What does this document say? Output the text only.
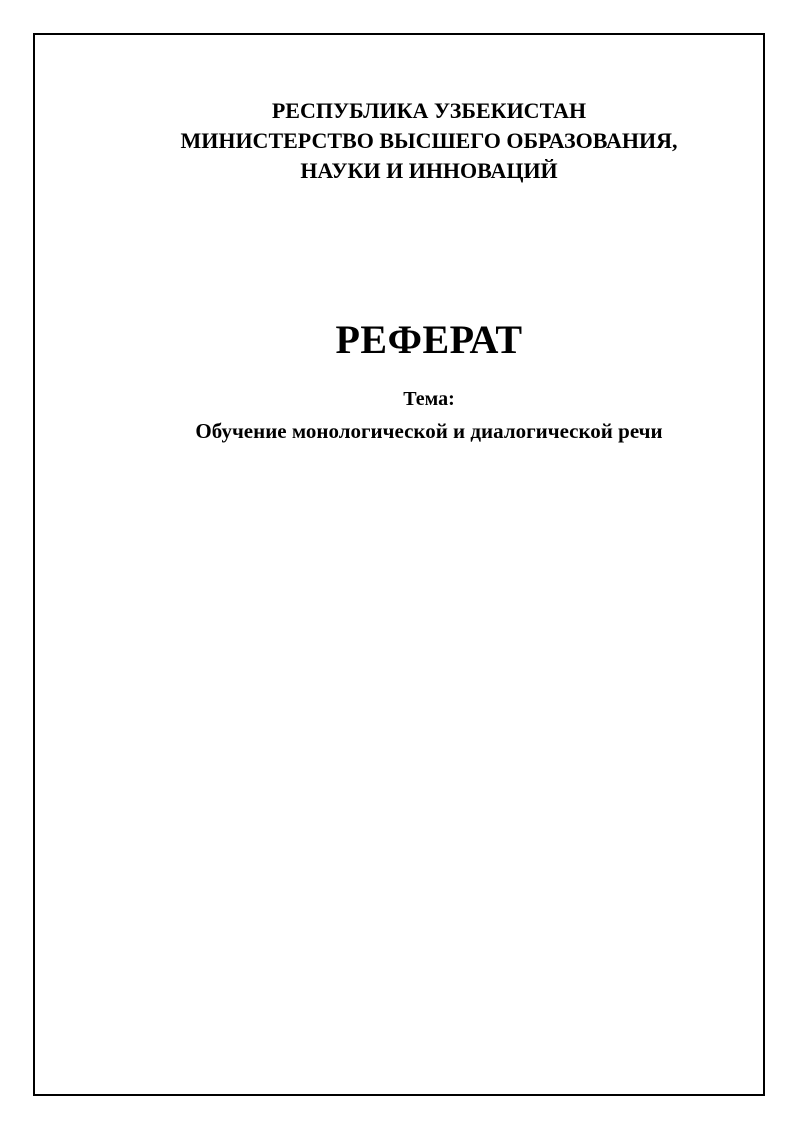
РЕСПУБЛИКА УЗБЕКИСТАН
МИНИСТЕРСТВО ВЫСШЕГО ОБРАЗОВАНИЯ,
НАУКИ И ИННОВАЦИЙ
РЕФЕРАТ
Тема:
Обучение монологической и диалогической речи
